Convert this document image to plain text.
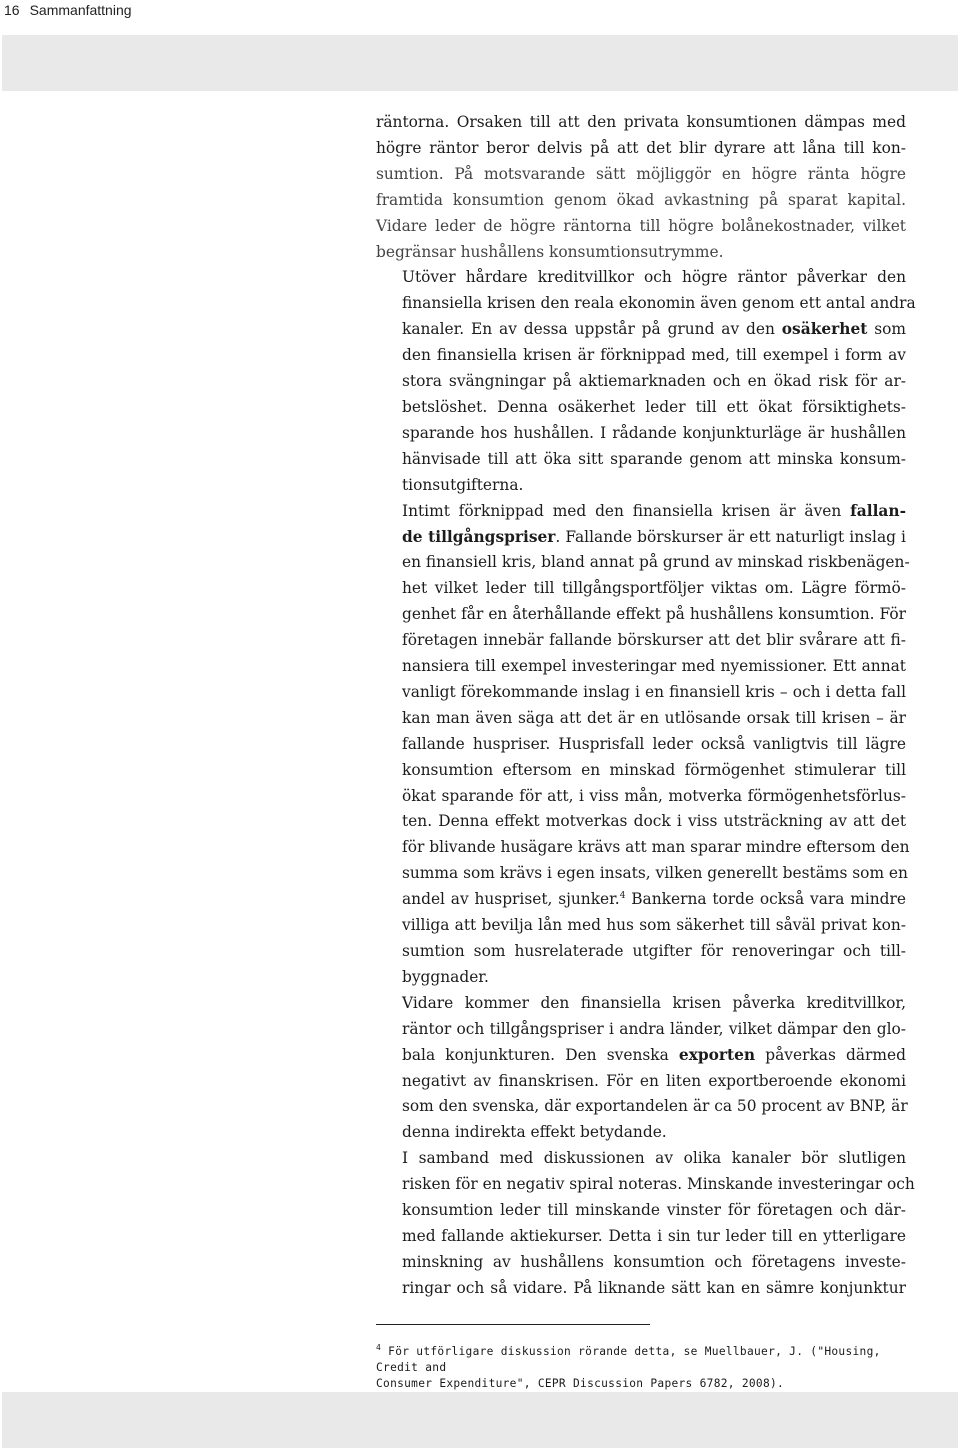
16 Sammanfattning

räntorna. Orsaken till att den privata konsumtionen dämpas med
högre räntor beror delvis på att det blir dyrare att låna till kon-
sumtion. På motsvarande sätt möjliggör en högre ränta högre
framtida konsumtion genom ökad avkastning på sparat kapital.
Vidare leder de högre räntorna till högre bolånekostnader, vilket
begränsar hushållens konsumtionsutrymme.

Utöver hårdare kreditvillkor och högre räntor påverkar den
finansiella krisen den reala ekonomin även genom ett antal andra
kanaler. En av dessa uppstår på grund av den osäkerhet som
den finansiella krisen är förknippad med, till exempel i form av
stora svängningar på aktiemarknaden och en ökad risk för ar-
betslöshet. Denna osäkerhet leder till ett ökat försiktighets-
sparande hos hushållen. I rådande konjunkturläge är hushållen
hänvisade till att öka sitt sparande genom att minska konsum-
tionsutgifterna.

Intimt förknippad med den finansiella krisen är även fallan-
de tillgångspriser. Fallande börskurser är ett naturligt inslag i
en finansiell kris, bland annat på grund av minskad riskbenägen-
het vilket leder till tillgångsportföljer viktas om. Lägre förmö-
genhet får en återhållande effekt på hushållens konsumtion. För
företagen innebär fallande börskurser att det blir svårare att fi-
nansiera till exempel investeringar med nyemissioner. Ett annat
vanligt förekommande inslag i en finansiell kris – och i detta fall
kan man även säga att det är en utlösande orsak till krisen – är
fallande huspriser. Husprisfall leder också vanligtvis till lägre
konsumtion eftersom en minskad förmögenhet stimulerar till
ökat sparande för att, i viss mån, motverka förmögenhetsförlus-
ten. Denna effekt motverkas dock i viss utsträckning av att det
för blivande husägare krävs att man sparar mindre eftersom den
summa som krävs i egen insats, vilken generellt bestäms som en
andel av huspriset, sjunker.$^4$ Bankerna torde också vara mindre
villiga att bevilja lån med hus som säkerhet till såväl privat kon-
sumtion som husrelaterade utgifter för renoveringar och till-
byggnader.

Vidare kommer den finansiella krisen påverka kreditvillkor,
räntor och tillgångspriser i andra länder, vilket dämpar den glo-
bala konjunkturen. Den svenska exporten påverkas därmed
negativt av finanskrisen. För en liten exportberoende ekonomi
som den svenska, där exportandelen är ca 50 procent av BNP, är
denna indirekta effekt betydande.

I samband med diskussionen av olika kanaler bör slutligen
risken för en negativ spiral noteras. Minskande investeringar och
konsumtion leder till minskande vinster för företagen och där-
med fallande aktiekurser. Detta i sin tur leder till en ytterligare
minskning av hushållens konsumtion och företagens investe-
ringar och så vidare. På liknande sätt kan en sämre konjunktur

$^4$ För utförligare diskussion rörande detta, se Muellbauer, J. ("Housing, Credit and
Consumer Expenditure", CEPR Discussion Papers 6782, 2008).
